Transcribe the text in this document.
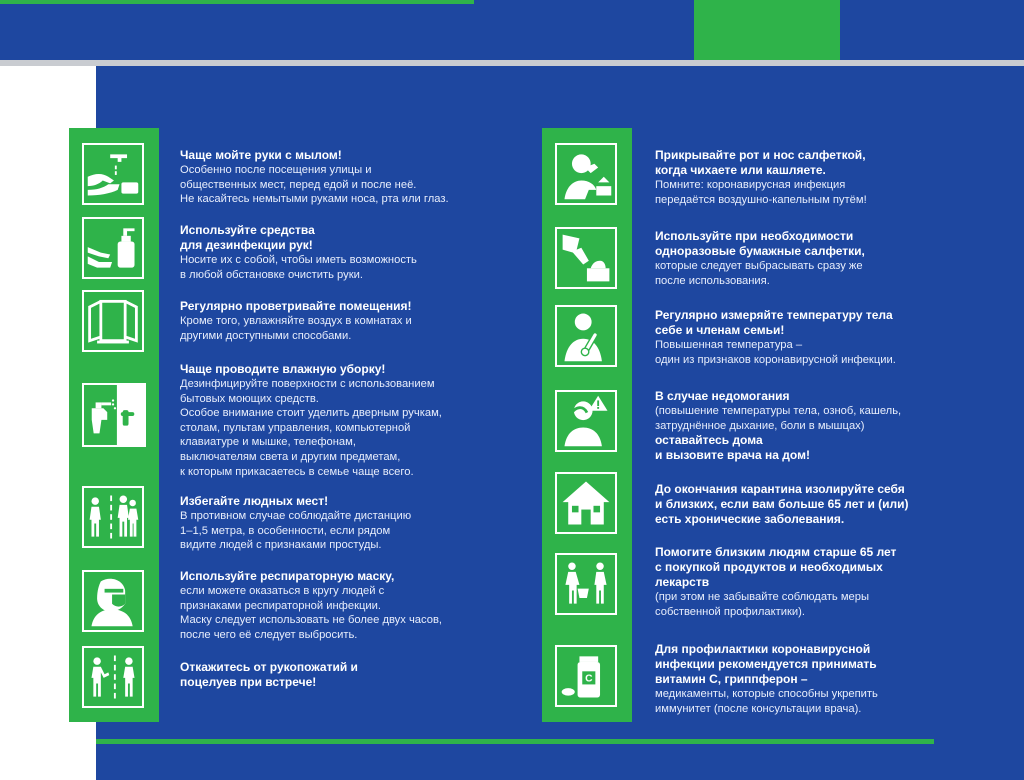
C
Чаще мойте руки с мылом!
Особенно после посещения улицы и
общественных мест, перед едой и после неё.
Не касайтесь немытыми руками носа, рта или глаз.
Используйте средства
для дезинфекции рук!
Носите их с собой, чтобы иметь возможность
в любой обстановке очистить руки.
Регулярно проветривайте помещения!
Кроме того, увлажняйте воздух в комнатах и
другими доступными способами.
Чаще проводите влажную уборку!
Дезинфицируйте поверхности с использованием
бытовых моющих средств.
Особое внимание стоит уделить дверным ручкам,
столам, пультам управления, компьютерной
клавиатуре и мышке, телефонам,
выключателям света и другим предметам,
к которым прикасаетесь в семье чаще всего.
Избегайте людных мест!
В противном случае соблюдайте дистанцию
1–1,5 метра, в особенности, если рядом
видите людей с признаками простуды.
Используйте респираторную маску,
если можете оказаться в кругу людей с
признаками респираторной инфекции.
Маску следует использовать не более двух часов,
после чего её следует выбросить.
Откажитесь от рукопожатий и
поцелуев при встрече!
Прикрывайте рот и нос салфеткой,
когда чихаете или кашляете.
Помните: коронавирусная инфекция
передаётся воздушно-капельным путём!
Используйте при необходимости
одноразовые бумажные салфетки,
которые следует выбрасывать сразу же
после использования.
Регулярно измеряйте температуру тела
себе и членам семьи!
Повышенная температура –
один из признаков коронавирусной инфекции.
В случае недомогания
(повышение температуры тела, озноб, кашель,
затруднённое дыхание, боли в мышцах)
оставайтесь дома
и вызовите врача на дом!
До окончания карантина изолируйте себя
и близких, если вам больше 65 лет и (или)
есть хронические заболевания.
Помогите близким людям старше 65 лет
с покупкой продуктов и необходимых
лекарств
(при этом не забывайте соблюдать меры
собственной профилактики).
Для профилактики коронавирусной
инфекции рекомендуется принимать
витамин С, гриппферон –
медикаменты, которые способны укрепить
иммунитет (после консультации врача).
